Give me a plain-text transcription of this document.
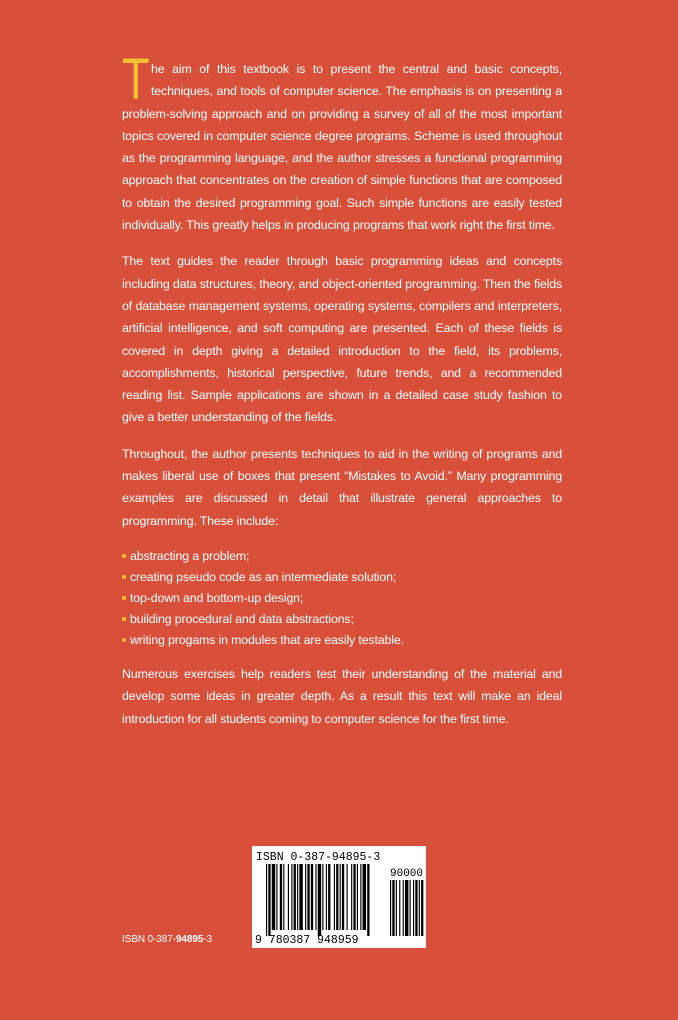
The aim of this textbook is to present the central and basic concepts, techniques, and tools of computer science. The emphasis is on presenting a problem-solving approach and on providing a survey of all of the most important topics covered in computer science degree programs. Scheme is used throughout as the programming language, and the author stresses a functional programming approach that concentrates on the creation of simple functions that are composed to obtain the desired programming goal. Such simple functions are easily tested individually. This greatly helps in producing programs that work right the first time.

The text guides the reader through basic programming ideas and concepts including data structures, theory, and object-oriented programming. Then the fields of database management systems, operating systems, compilers and interpreters, artificial intelligence, and soft computing are presented. Each of these fields is covered in depth giving a detailed introduction to the field, its problems, accomplishments, historical perspective, future trends, and a recommended reading list. Sample applications are shown in a detailed case study fashion to give a better understanding of the fields.

Throughout, the author presents techniques to aid in the writing of programs and makes liberal use of boxes that present “Mistakes to Avoid.” Many programming examples are discussed in detail that illustrate general approaches to programming. These include:

abstracting a problem;
creating pseudo code as an intermediate solution;
top-down and bottom-up design;
building procedural and data abstractions;
writing progams in modules that are easily testable.

Numerous exercises help readers test their understanding of the material and develop some ideas in greater depth. As a result this text will make an ideal introduction for all students coming to computer science for the first time.

ISBN 0-387-94895-3
ISBN 0-387-94895-3
90000
9 780387 948959
